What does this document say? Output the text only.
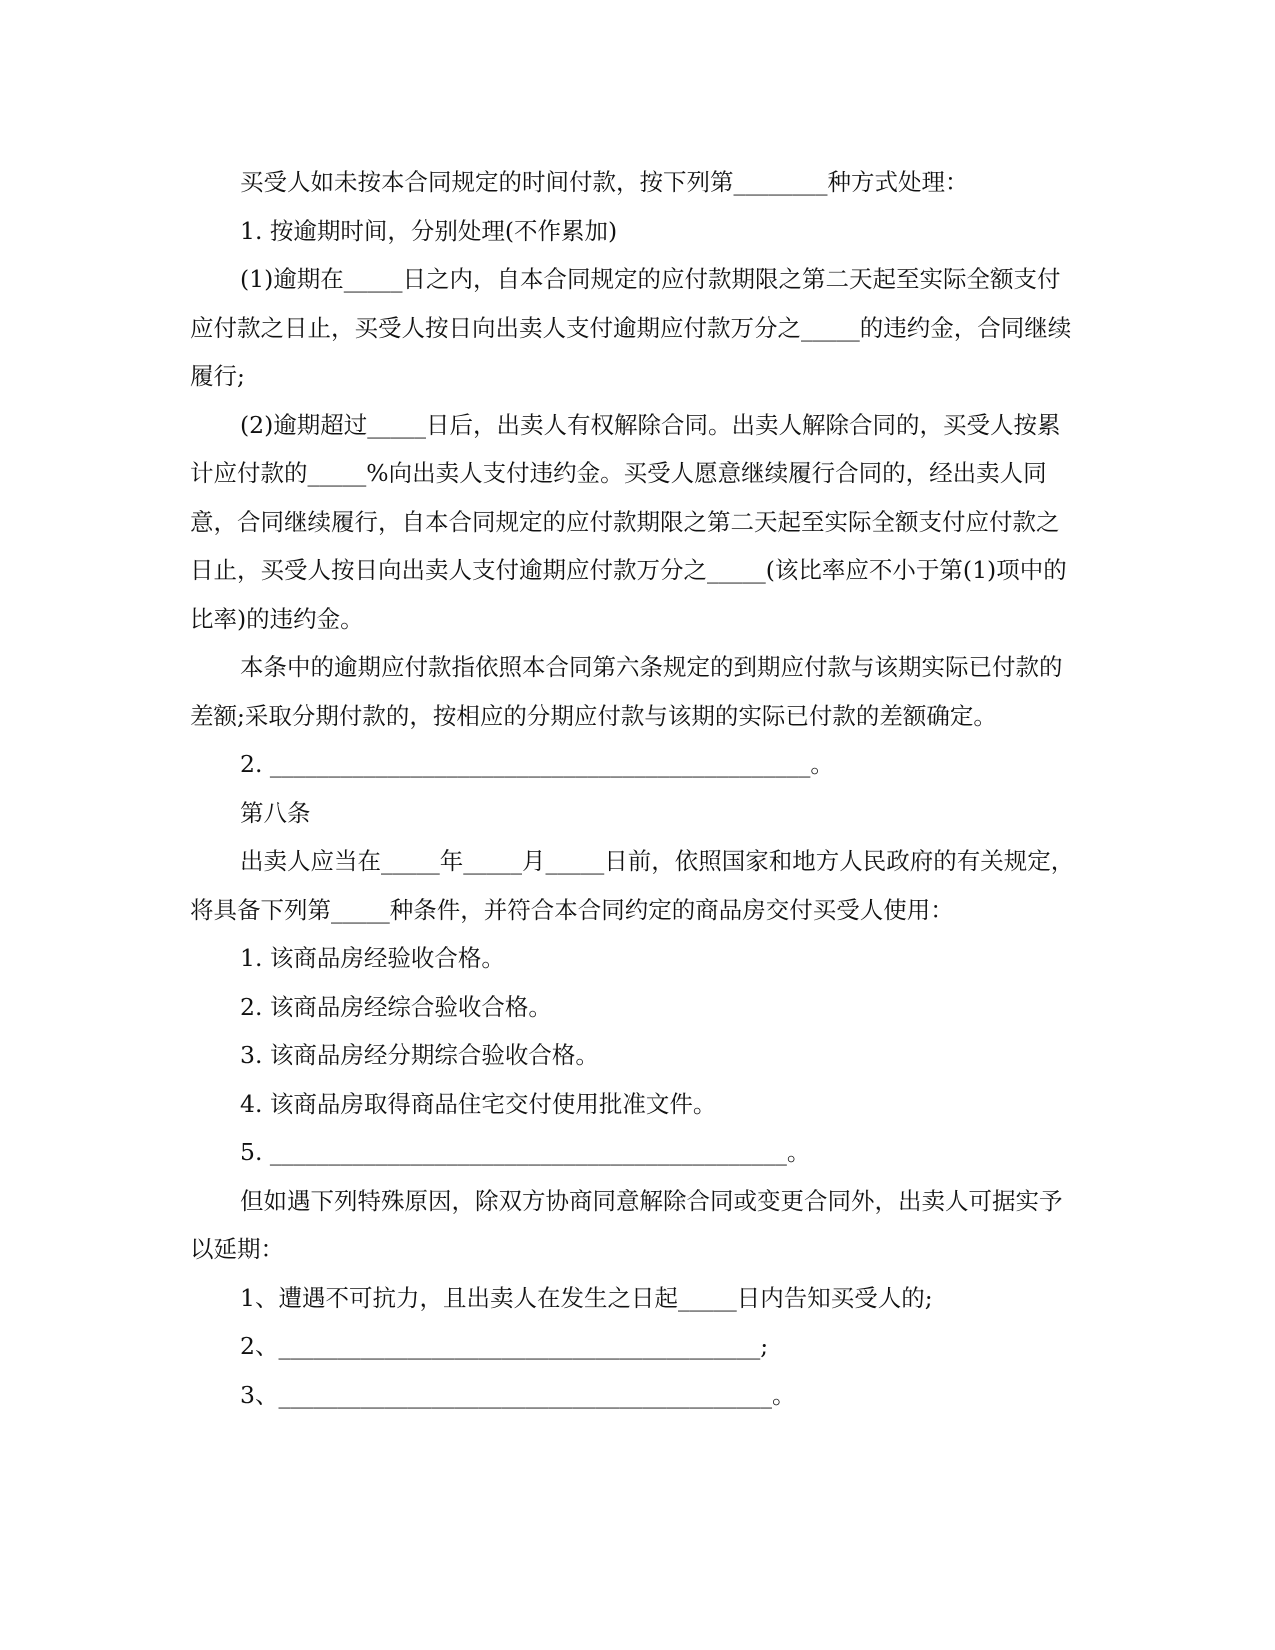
买受人如未按本合同规定的时间付款，按下列第________种方式处理：

1. 按逾期时间，分别处理(不作累加)

(1)逾期在_____日之内，自本合同规定的应付款期限之第二天起至实际全额支付应付款之日止，买受人按日向出卖人支付逾期应付款万分之_____的违约金，合同继续履行;

(2)逾期超过_____日后，出卖人有权解除合同。出卖人解除合同的，买受人按累计应付款的_____%向出卖人支付违约金。买受人愿意继续履行合同的，经出卖人同意，合同继续履行，自本合同规定的应付款期限之第二天起至实际全额支付应付款之日止，买受人按日向出卖人支付逾期应付款万分之_____(该比率应不小于第(1)项中的比率)的违约金。

本条中的逾期应付款指依照本合同第六条规定的到期应付款与该期实际已付款的差额;采取分期付款的，按相应的分期应付款与该期的实际已付款的差额确定。

2. ______________________________________________。

第八条

出卖人应当在_____年_____月_____日前，依照国家和地方人民政府的有关规定，将具备下列第_____种条件，并符合本合同约定的商品房交付买受人使用：

1. 该商品房经验收合格。

2. 该商品房经综合验收合格。

3. 该商品房经分期综合验收合格。

4. 该商品房取得商品住宅交付使用批准文件。

5. ____________________________________________。

但如遇下列特殊原因，除双方协商同意解除合同或变更合同外，出卖人可据实予以延期：

1、遭遇不可抗力，且出卖人在发生之日起_____日内告知买受人的;

2、_________________________________________;

3、__________________________________________。
